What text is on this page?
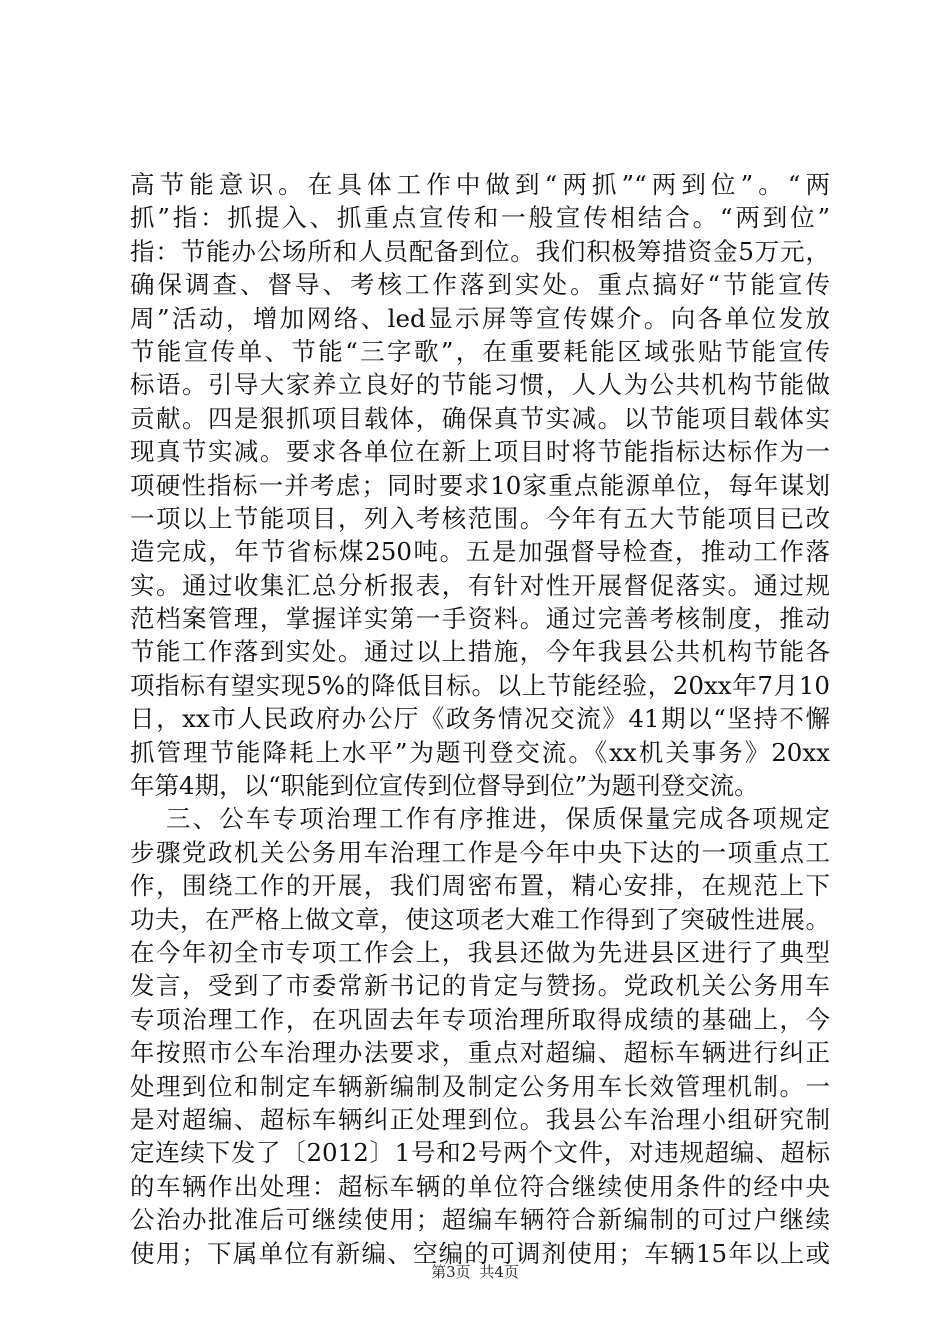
高节能意识。在具体工作中做到“两抓”“两到位”。“两
抓”指：抓提入、抓重点宣传和一般宣传相结合。“两到位”
指：节能办公场所和人员配备到位。我们积极筹措资金5万元，
确保调查、督导、考核工作落到实处。重点搞好“节能宣传
周”活动，增加网络、led显示屏等宣传媒介。向各单位发放
节能宣传单、节能“三字歌”，在重要耗能区域张贴节能宣传
标语。引导大家养立良好的节能习惯，人人为公共机构节能做
贡献。四是狠抓项目载体，确保真节实减。以节能项目载体实
现真节实减。要求各单位在新上项目时将节能指标达标作为一
项硬性指标一并考虑；同时要求10家重点能源单位，每年谋划
一项以上节能项目，列入考核范围。今年有五大节能项目已改
造完成，年节省标煤250吨。五是加强督导检查，推动工作落
实。通过收集汇总分析报表，有针对性开展督促落实。通过规
范档案管理，掌握详实第一手资料。通过完善考核制度，推动
节能工作落到实处。通过以上措施，今年我县公共机构节能各
项指标有望实现5%的降低目标。以上节能经验，20xx年7月10
日，xx市人民政府办公厅《政务情况交流》41期以“坚持不懈
抓管理节能降耗上水平”为题刊登交流。《xx机关事务》20xx
年第4期，以“职能到位宣传到位督导到位”为题刊登交流。
三、公车专项治理工作有序推进，保质保量完成各项规定
步骤党政机关公务用车治理工作是今年中央下达的一项重点工
作，围绕工作的开展，我们周密布置，精心安排，在规范上下
功夫，在严格上做文章，使这项老大难工作得到了突破性进展。
在今年初全市专项工作会上，我县还做为先进县区进行了典型
发言，受到了市委常新书记的肯定与赞扬。党政机关公务用车
专项治理工作，在巩固去年专项治理所取得成绩的基础上，今
年按照市公车治理办法要求，重点对超编、超标车辆进行纠正
处理到位和制定车辆新编制及制定公务用车长效管理机制。一
是对超编、超标车辆纠正处理到位。我县公车治理小组研究制
定连续下发了〔2012〕1号和2号两个文件，对违规超编、超标
的车辆作出处理：超标车辆的单位符合继续使用条件的经中央
公治办批准后可继续使用；超编车辆符合新编制的可过户继续
使用；下属单位有新编、空编的可调剂使用；车辆15年以上或
第3页 共4页
